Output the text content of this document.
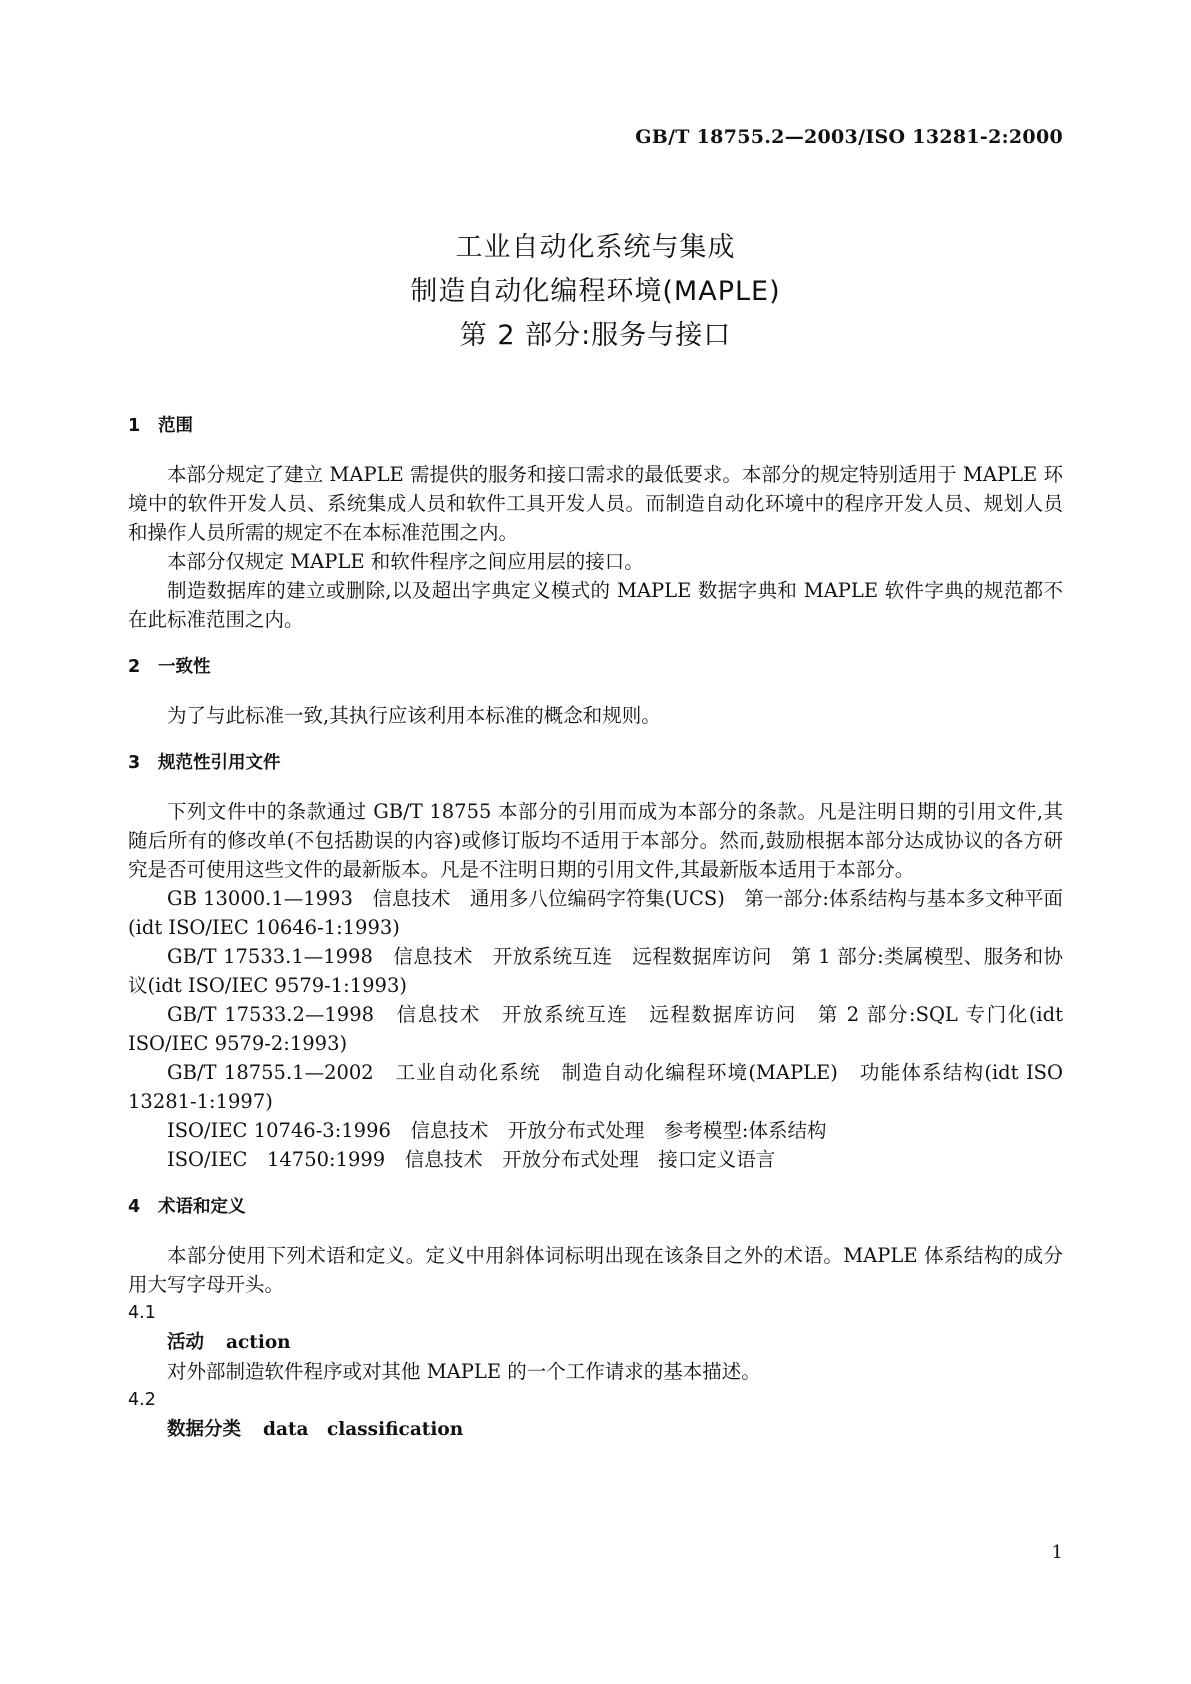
GB/T 18755.2—2003/ISO 13281-2:2000
工业自动化系统与集成
制造自动化编程环境(MAPLE)
第 2 部分:服务与接口

1 范围

本部分规定了建立 MAPLE 需提供的服务和接口需求的最低要求。本部分的规定特别适用于 MAPLE 环境中的软件开发人员、系统集成人员和软件工具开发人员。而制造自动化环境中的程序开发人员、规划人员和操作人员所需的规定不在本标准范围之内。

本部分仅规定 MAPLE 和软件程序之间应用层的接口。

制造数据库的建立或删除,以及超出字典定义模式的 MAPLE 数据字典和 MAPLE 软件字典的规范都不在此标准范围之内。

2 一致性

为了与此标准一致,其执行应该利用本标准的概念和规则。

3 规范性引用文件

下列文件中的条款通过 GB/T 18755 本部分的引用而成为本部分的条款。凡是注明日期的引用文件,其随后所有的修改单(不包括勘误的内容)或修订版均不适用于本部分。然而,鼓励根据本部分达成协议的各方研究是否可使用这些文件的最新版本。凡是不注明日期的引用文件,其最新版本适用于本部分。

GB 13000.1—1993　信息技术　通用多八位编码字符集(UCS)　第一部分:体系结构与基本多文种平面(idt ISO/IEC 10646-1:1993)

GB/T 17533.1—1998　信息技术　开放系统互连　远程数据库访问　第 1 部分:类属模型、服务和协议(idt ISO/IEC 9579-1:1993)

GB/T 17533.2—1998　信息技术　开放系统互连　远程数据库访问　第 2 部分:SQL 专门化(idt ISO/IEC 9579-2:1993)

GB/T 18755.1—2002　工业自动化系统　制造自动化编程环境(MAPLE)　功能体系结构(idt ISO 13281-1:1997)

ISO/IEC 10746-3:1996　信息技术　开放分布式处理　参考模型:体系结构

ISO/IEC　14750:1999　信息技术　开放分布式处理　接口定义语言

4 术语和定义

本部分使用下列术语和定义。定义中用斜体词标明出现在该条目之外的术语。MAPLE 体系结构的成分用大写字母开头。

4.1

活动 action

对外部制造软件程序或对其他 MAPLE 的一个工作请求的基本描述。

4.2

数据分类 data　classification

1
